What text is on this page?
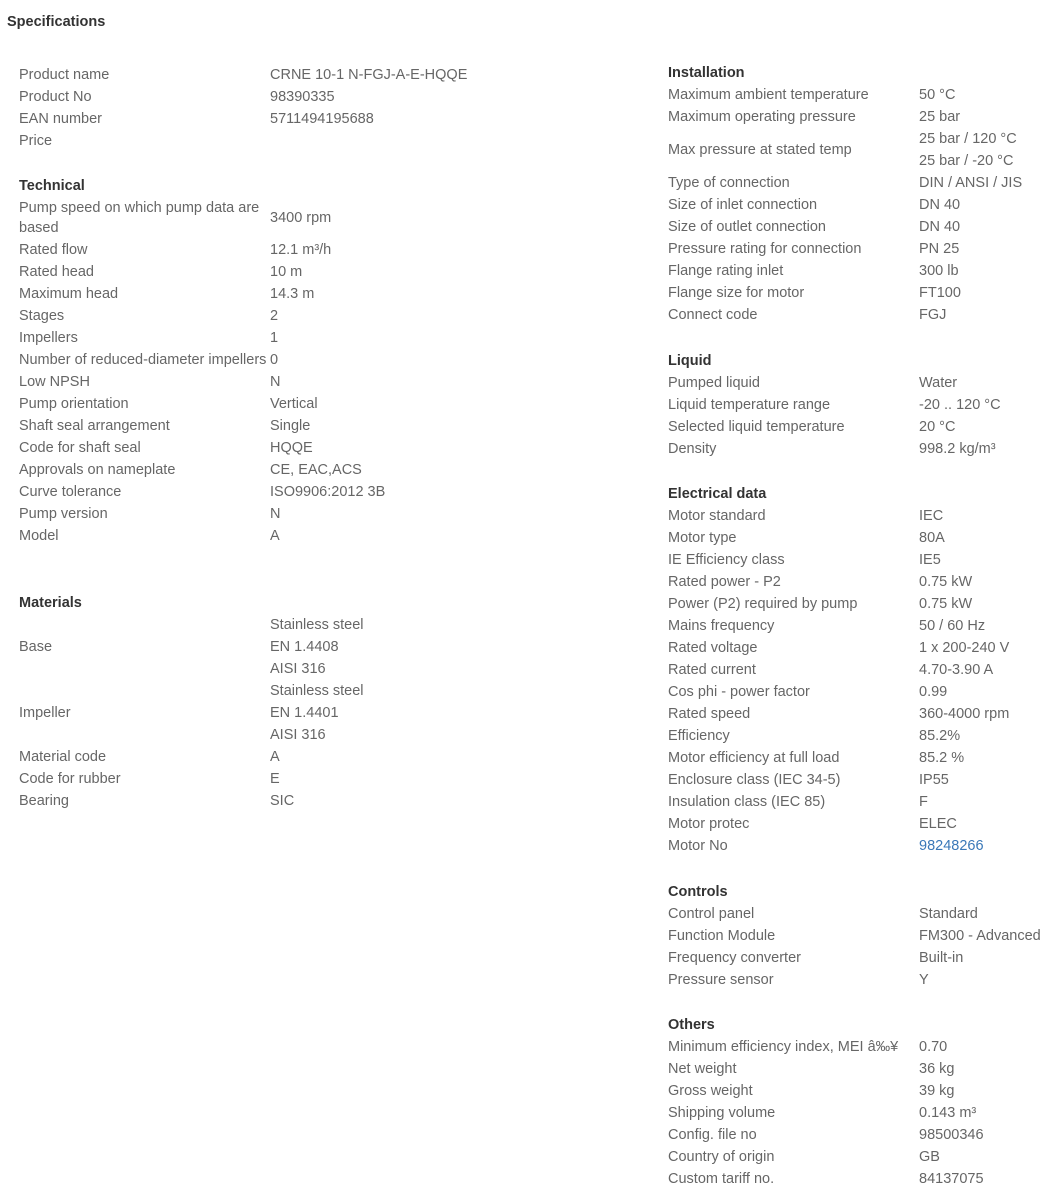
Specifications
Product name	CRNE 10-1 N-FGJ-A-E-HQQE

Product No	98390335

EAN number	5711494195688

Price	
Technical
Pump speed on which pump data are based	3400 rpm

Rated flow	12.1 m³/h

Rated head	10 m

Maximum head	14.3 m

Stages	2

Impellers	1

Number of reduced-diameter impellers	0

Low NPSH	N

Pump orientation	Vertical

Shaft seal arrangement	Single

Code for shaft seal	HQQE

Approvals on nameplate	CE, EAC,ACS

Curve tolerance	ISO9906:2012 3B

Pump version	N

Model	A
Materials
Base	Stainless steel
EN 1.4408
AISI 316

Impeller	Stainless steel
EN 1.4401
AISI 316

Material code	A

Code for rubber	E

Bearing	SIC
Installation
Maximum ambient temperature	50 °C

Maximum operating pressure	25 bar

Max pressure at stated temp	25 bar / 120 °C
25 bar / -20 °C

Type of connection	DIN / ANSI / JIS

Size of inlet connection	DN 40

Size of outlet connection	DN 40

Pressure rating for connection	PN 25

Flange rating inlet	300 lb

Flange size for motor	FT100

Connect code	FGJ
Liquid
Pumped liquid	Water

Liquid temperature range	-20 .. 120 °C

Selected liquid temperature	20 °C

Density	998.2 kg/m³
Electrical data
Motor standard	IEC

Motor type	80A

IE Efficiency class	IE5

Rated power - P2	0.75 kW

Power (P2) required by pump	0.75 kW

Mains frequency	50 / 60 Hz

Rated voltage	1 x 200-240 V

Rated current	4.70-3.90 A

Cos phi - power factor	0.99

Rated speed	360-4000 rpm

Efficiency	85.2%

Motor efficiency at full load	85.2 %

Enclosure class (IEC 34-5)	IP55

Insulation class (IEC 85)	F

Motor protec	ELEC

Motor No	98248266
Controls
Control panel	Standard

Function Module	FM300 - Advanced

Frequency converter	Built-in

Pressure sensor	Y
Others
Minimum efficiency index, MEI â‰¥	0.70

Net weight	36 kg

Gross weight	39 kg

Shipping volume	0.143 m³

Config. file no	98500346

Country of origin	GB

Custom tariff no.	84137075
